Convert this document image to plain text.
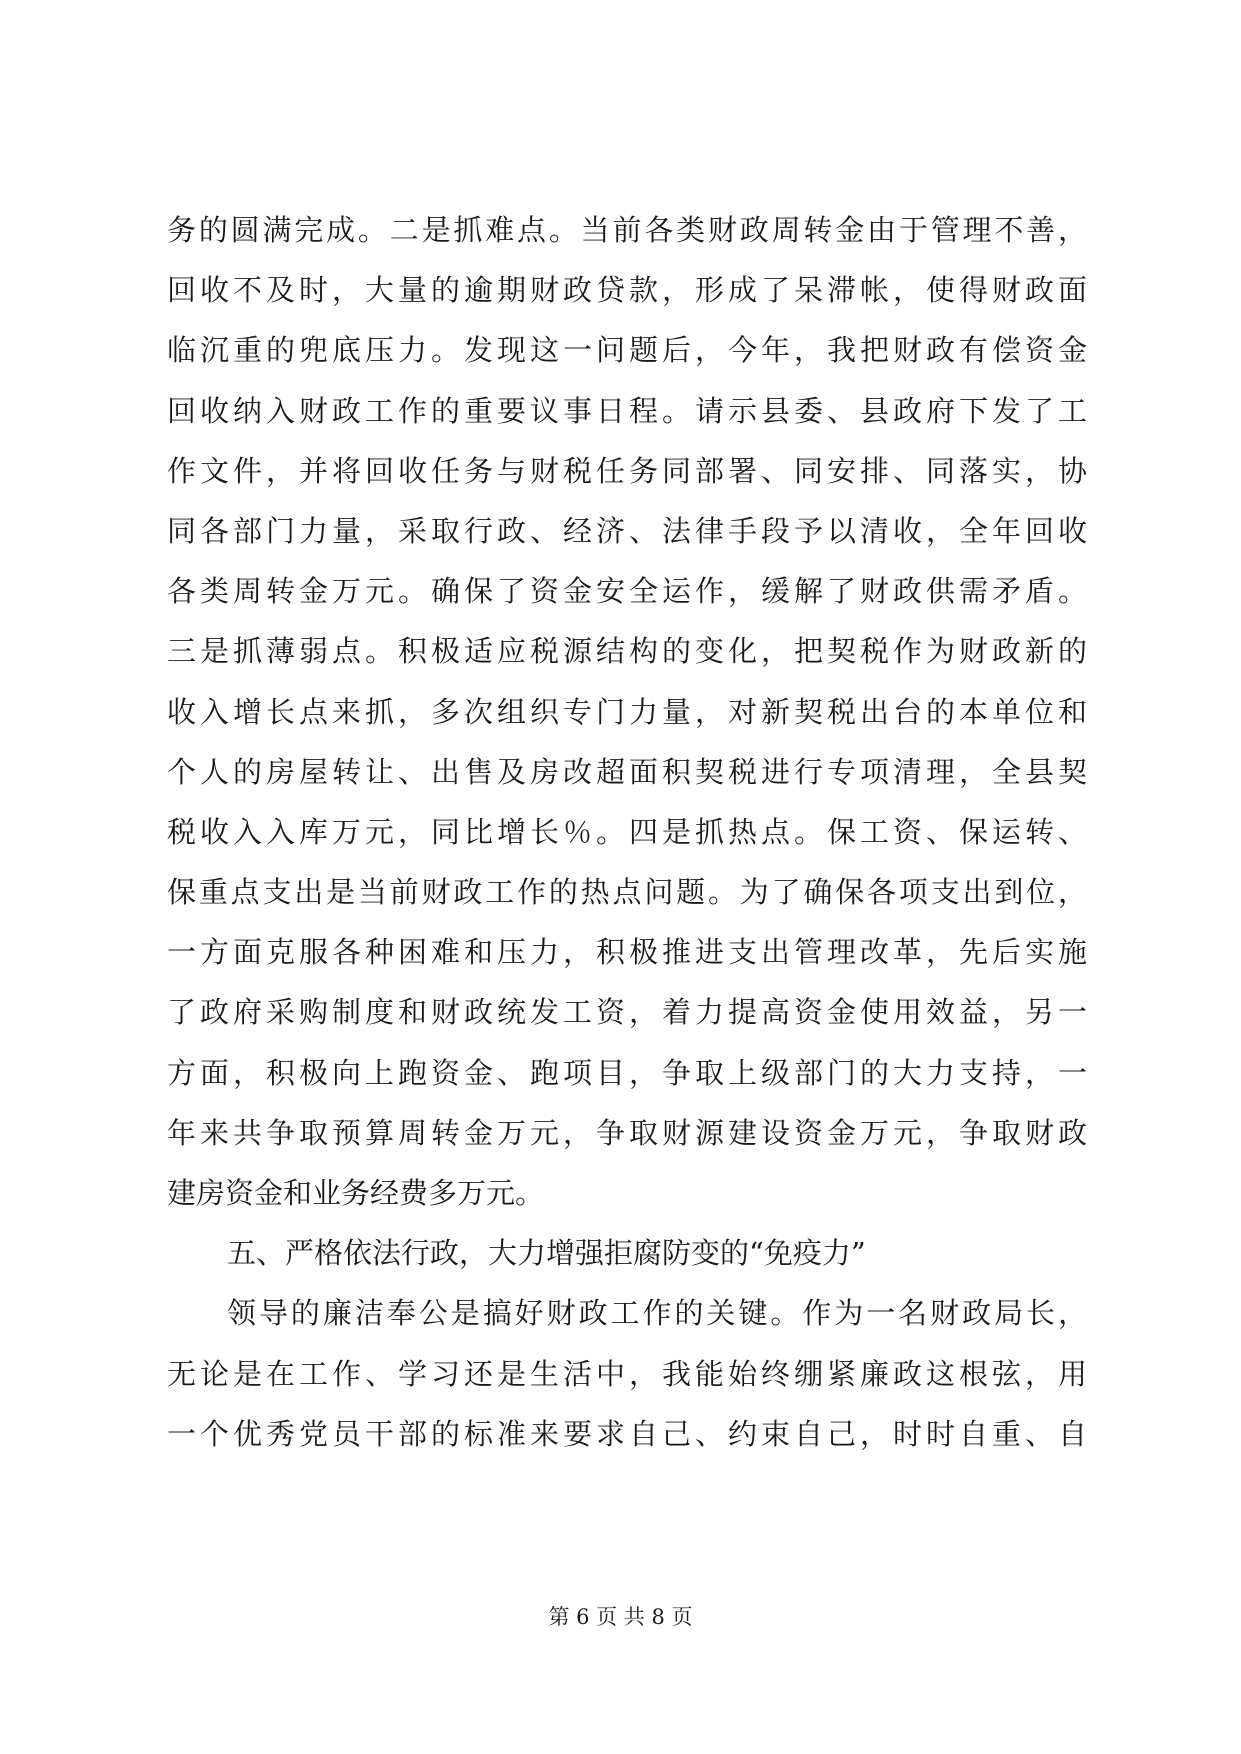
务的圆满完成。二是抓难点。当前各类财政周转金由于管理不善，
回收不及时，大量的逾期财政贷款，形成了呆滞帐，使得财政面
临沉重的兜底压力。发现这一问题后，今年，我把财政有偿资金
回收纳入财政工作的重要议事日程。请示县委、县政府下发了工
作文件，并将回收任务与财税任务同部署、同安排、同落实，协
同各部门力量，采取行政、经济、法律手段予以清收，全年回收
各类周转金万元。确保了资金安全运作，缓解了财政供需矛盾。
三是抓薄弱点。积极适应税源结构的变化，把契税作为财政新的
收入增长点来抓，多次组织专门力量，对新契税出台的本单位和
个人的房屋转让、出售及房改超面积契税进行专项清理，全县契
税收入入库万元，同比增长％。四是抓热点。保工资、保运转、
保重点支出是当前财政工作的热点问题。为了确保各项支出到位，
一方面克服各种困难和压力，积极推进支出管理改革，先后实施
了政府采购制度和财政统发工资，着力提高资金使用效益，另一
方面，积极向上跑资金、跑项目，争取上级部门的大力支持，一
年来共争取预算周转金万元，争取财源建设资金万元，争取财政
建房资金和业务经费多万元。
五、严格依法行政，大力增强拒腐防变的“免疫力”
领导的廉洁奉公是搞好财政工作的关键。作为一名财政局长，
无论是在工作、学习还是生活中，我能始终绷紧廉政这根弦，用
一个优秀党员干部的标准来要求自己、约束自己，时时自重、自
第 6 页 共 8 页
